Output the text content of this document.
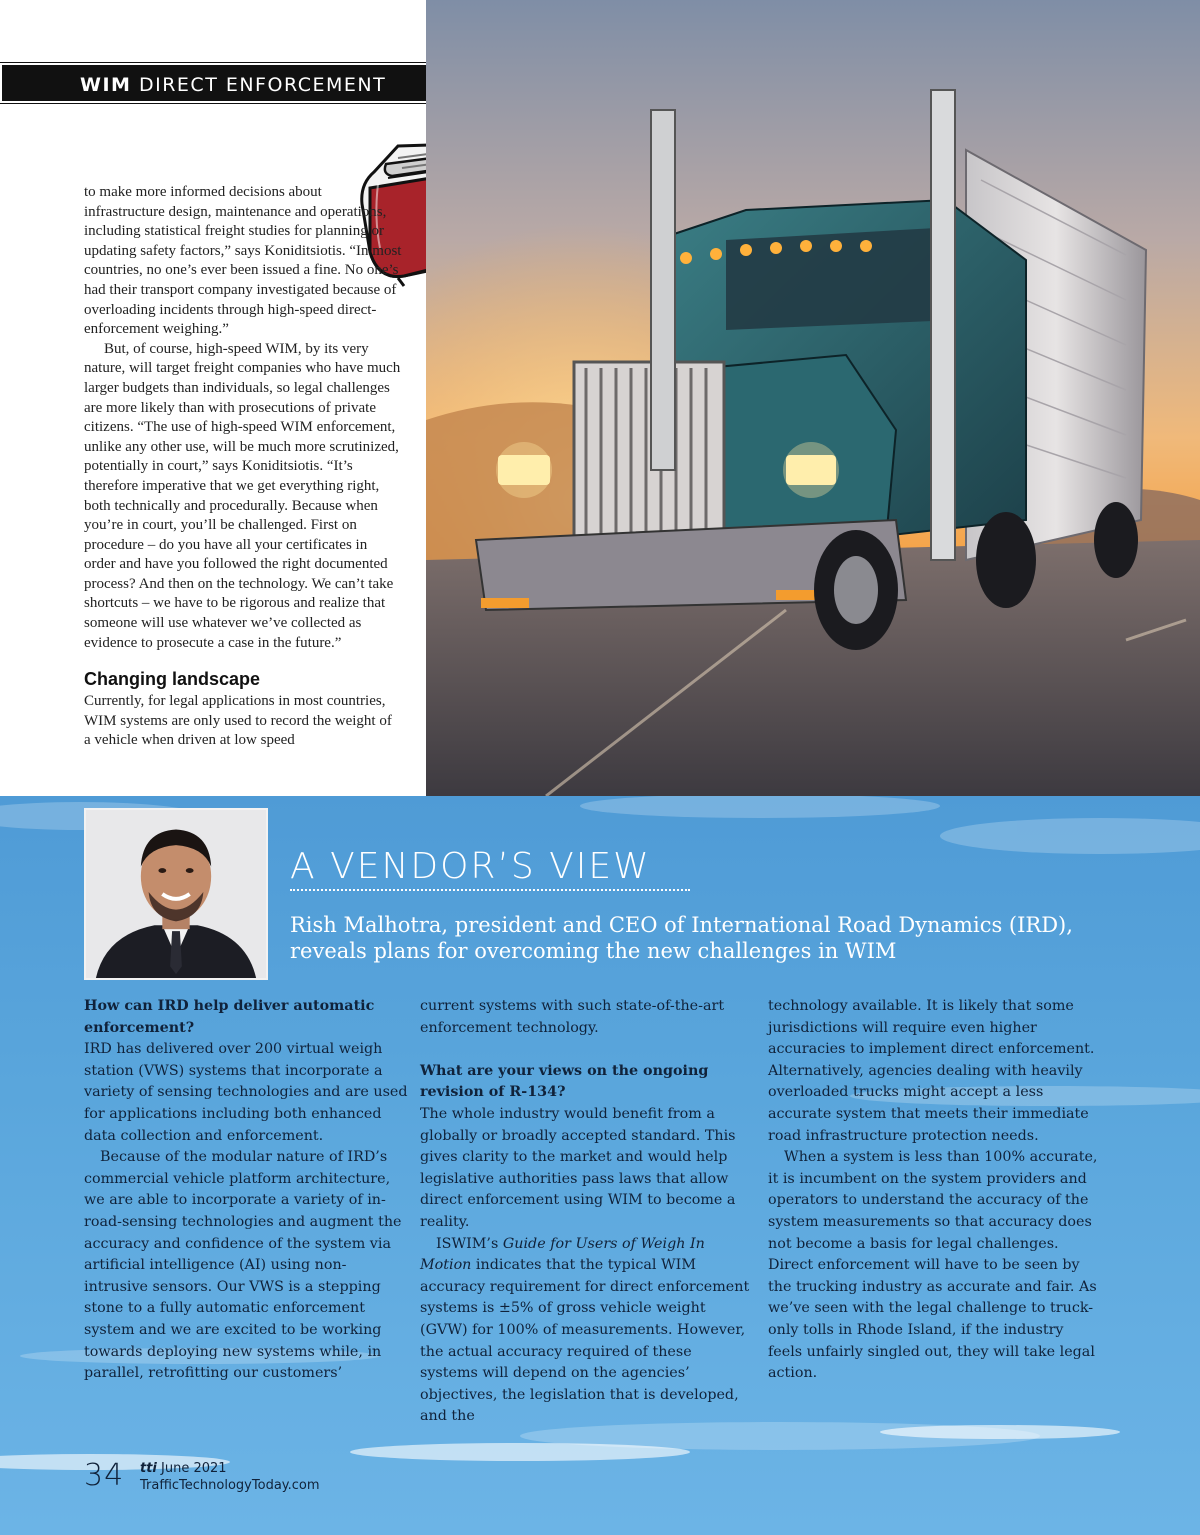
WIM DIRECT ENFORCEMENT

to make more informed decisions about infrastructure design, maintenance and operations, including statistical freight studies for planning or updating safety factors,” says Koniditsiotis. “In most countries, no one’s ever been issued a fine. No one’s had their transport company investigated because of overloading incidents through high-speed direct-enforcement weighing.”

But, of course, high-speed WIM, by its very nature, will target freight companies who have much larger budgets than individuals, so legal challenges are more likely than with prosecutions of private citizens. “The use of high-speed WIM enforcement, unlike any other use, will be much more scrutinized, potentially in court,” says Koniditsiotis. “It’s therefore imperative that we get everything right, both technically and procedurally. Because when you’re in court, you’ll be challenged. First on procedure – do you have all your certificates in order and have you followed the right documented process? And then on the technology. We can’t take shortcuts – we have to be rigorous and realize that someone will use whatever we’ve collected as evidence to prosecute a case in the future.”

Changing landscape

Currently, for legal applications in most countries, WIM systems are only used to record the weight of a vehicle when driven at low speed

A VENDOR’S VIEW
Rish Malhotra, president and CEO of International Road Dynamics (IRD), reveals plans for overcoming the new challenges in WIM

How can IRD help deliver automatic enforcement?

IRD has delivered over 200 virtual weigh station (VWS) systems that incorporate a variety of sensing technologies and are used for applications including both enhanced data collection and enforcement.

Because of the modular nature of IRD’s commercial vehicle platform architecture, we are able to incorporate a variety of in-road-sensing technologies and augment the accuracy and confidence of the system via artificial intelligence (AI) using non-intrusive sensors. Our VWS is a stepping stone to a fully automatic enforcement system and we are excited to be working towards deploying new systems while, in parallel, retrofitting our customers’

current systems with such state-of-the-art enforcement technology.

What are your views on the ongoing revision of R-134?

The whole industry would benefit from a globally or broadly accepted standard. This gives clarity to the market and would help legislative authorities pass laws that allow direct enforcement using WIM to become a reality.

ISWIM’s Guide for Users of Weigh In Motion indicates that the typical WIM accuracy requirement for direct enforcement systems is ±5% of gross vehicle weight (GVW) for 100% of measurements. However, the actual accuracy required of these systems will depend on the agencies’ objectives, the legislation that is developed, and the

technology available. It is likely that some jurisdictions will require even higher accuracies to implement direct enforcement. Alternatively, agencies dealing with heavily overloaded trucks might accept a less accurate system that meets their immediate road infrastructure protection needs.

When a system is less than 100% accurate, it is incumbent on the system providers and operators to understand the accuracy of the system measurements so that accuracy does not become a basis for legal challenges. Direct enforcement will have to be seen by the trucking industry as accurate and fair. As we’ve seen with the legal challenge to truck-only tolls in Rhode Island, if the industry feels unfairly singled out, they will take legal action.

34 tti June 2021
TrafficTechnologyToday.com
